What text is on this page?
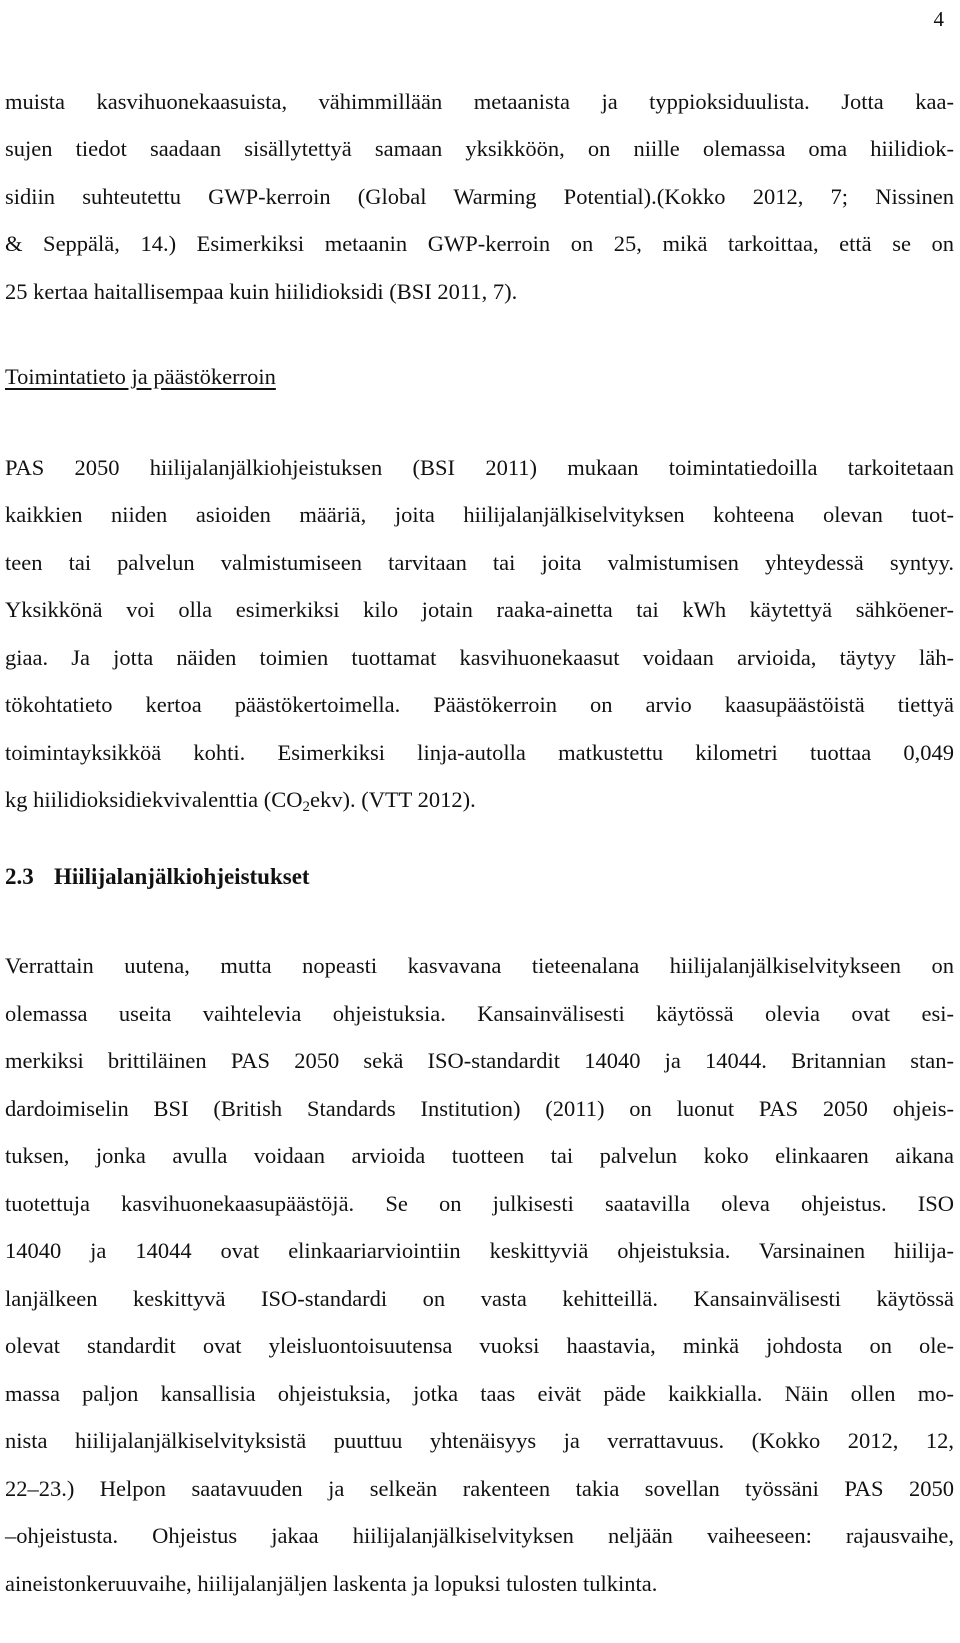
4
muista kasvihuonekaasuista, vähimmillään metaanista ja typpioksiduulista. Jotta kaa-
sujen tiedot saadaan sisällytettyä samaan yksikköön, on niille olemassa oma hiilidiok-
sidiin suhteutettu GWP-kerroin (Global Warming Potential).(Kokko 2012, 7; Nissinen
& Seppälä, 14.) Esimerkiksi metaanin GWP-kerroin on 25, mikä tarkoittaa, että se on
25 kertaa haitallisempaa kuin hiilidioksidi (BSI 2011, 7).
Toimintatieto ja päästökerroin
PAS 2050 hiilijalanjälkiohjeistuksen (BSI 2011) mukaan toimintatiedoilla tarkoitetaan
kaikkien niiden asioiden määriä, joita hiilijalanjälkiselvityksen kohteena olevan tuot-
teen tai palvelun valmistumiseen tarvitaan tai joita valmistumisen yhteydessä syntyy.
Yksikkönä voi olla esimerkiksi kilo jotain raaka-ainetta tai kWh käytettyä sähköener-
giaa. Ja jotta näiden toimien tuottamat kasvihuonekaasut voidaan arvioida, täytyy läh-
tökohtatieto kertoa päästökertoimella. Päästökerroin on arvio kaasupäästöistä tiettyä
toimintayksikköä kohti. Esimerkiksi linja-autolla matkustettu kilometri tuottaa 0,049
kg hiilidioksidiekvivalenttia $(CO_2ekv)$. (VTT 2012).
2.3 Hiilijalanjälkiohjeistukset
Verrattain uutena, mutta nopeasti kasvavana tieteenalana hiilijalanjälkiselvitykseen on
olemassa useita vaihtelevia ohjeistuksia. Kansainvälisesti käytössä olevia ovat esi-
merkiksi brittiläinen PAS 2050 sekä ISO-standardit 14040 ja 14044. Britannian stan-
dardoimiselin BSI (British Standards Institution) (2011) on luonut PAS 2050 ohjeis-
tuksen, jonka avulla voidaan arvioida tuotteen tai palvelun koko elinkaaren aikana
tuotettuja kasvihuonekaasupäästöjä. Se on julkisesti saatavilla oleva ohjeistus. ISO
14040 ja 14044 ovat elinkaariarviointiin keskittyviä ohjeistuksia. Varsinainen hiilija-
lanjälkeen keskittyvä ISO-standardi on vasta kehitteillä. Kansainvälisesti käytössä
olevat standardit ovat yleisluontoisuutensa vuoksi haastavia, minkä johdosta on ole-
massa paljon kansallisia ohjeistuksia, jotka taas eivät päde kaikkialla. Näin ollen mo-
nista hiilijalanjälkiselvityksistä puuttuu yhtenäisyys ja verrattavuus. (Kokko 2012, 12,
22–23.) Helpon saatavuuden ja selkeän rakenteen takia sovellan työssäni PAS 2050
–ohjeistusta. Ohjeistus jakaa hiilijalanjälkiselvityksen neljään vaiheeseen: rajausvaihe,
aineistonkeruuvaihe, hiilijalanjäljen laskenta ja lopuksi tulosten tulkinta.
